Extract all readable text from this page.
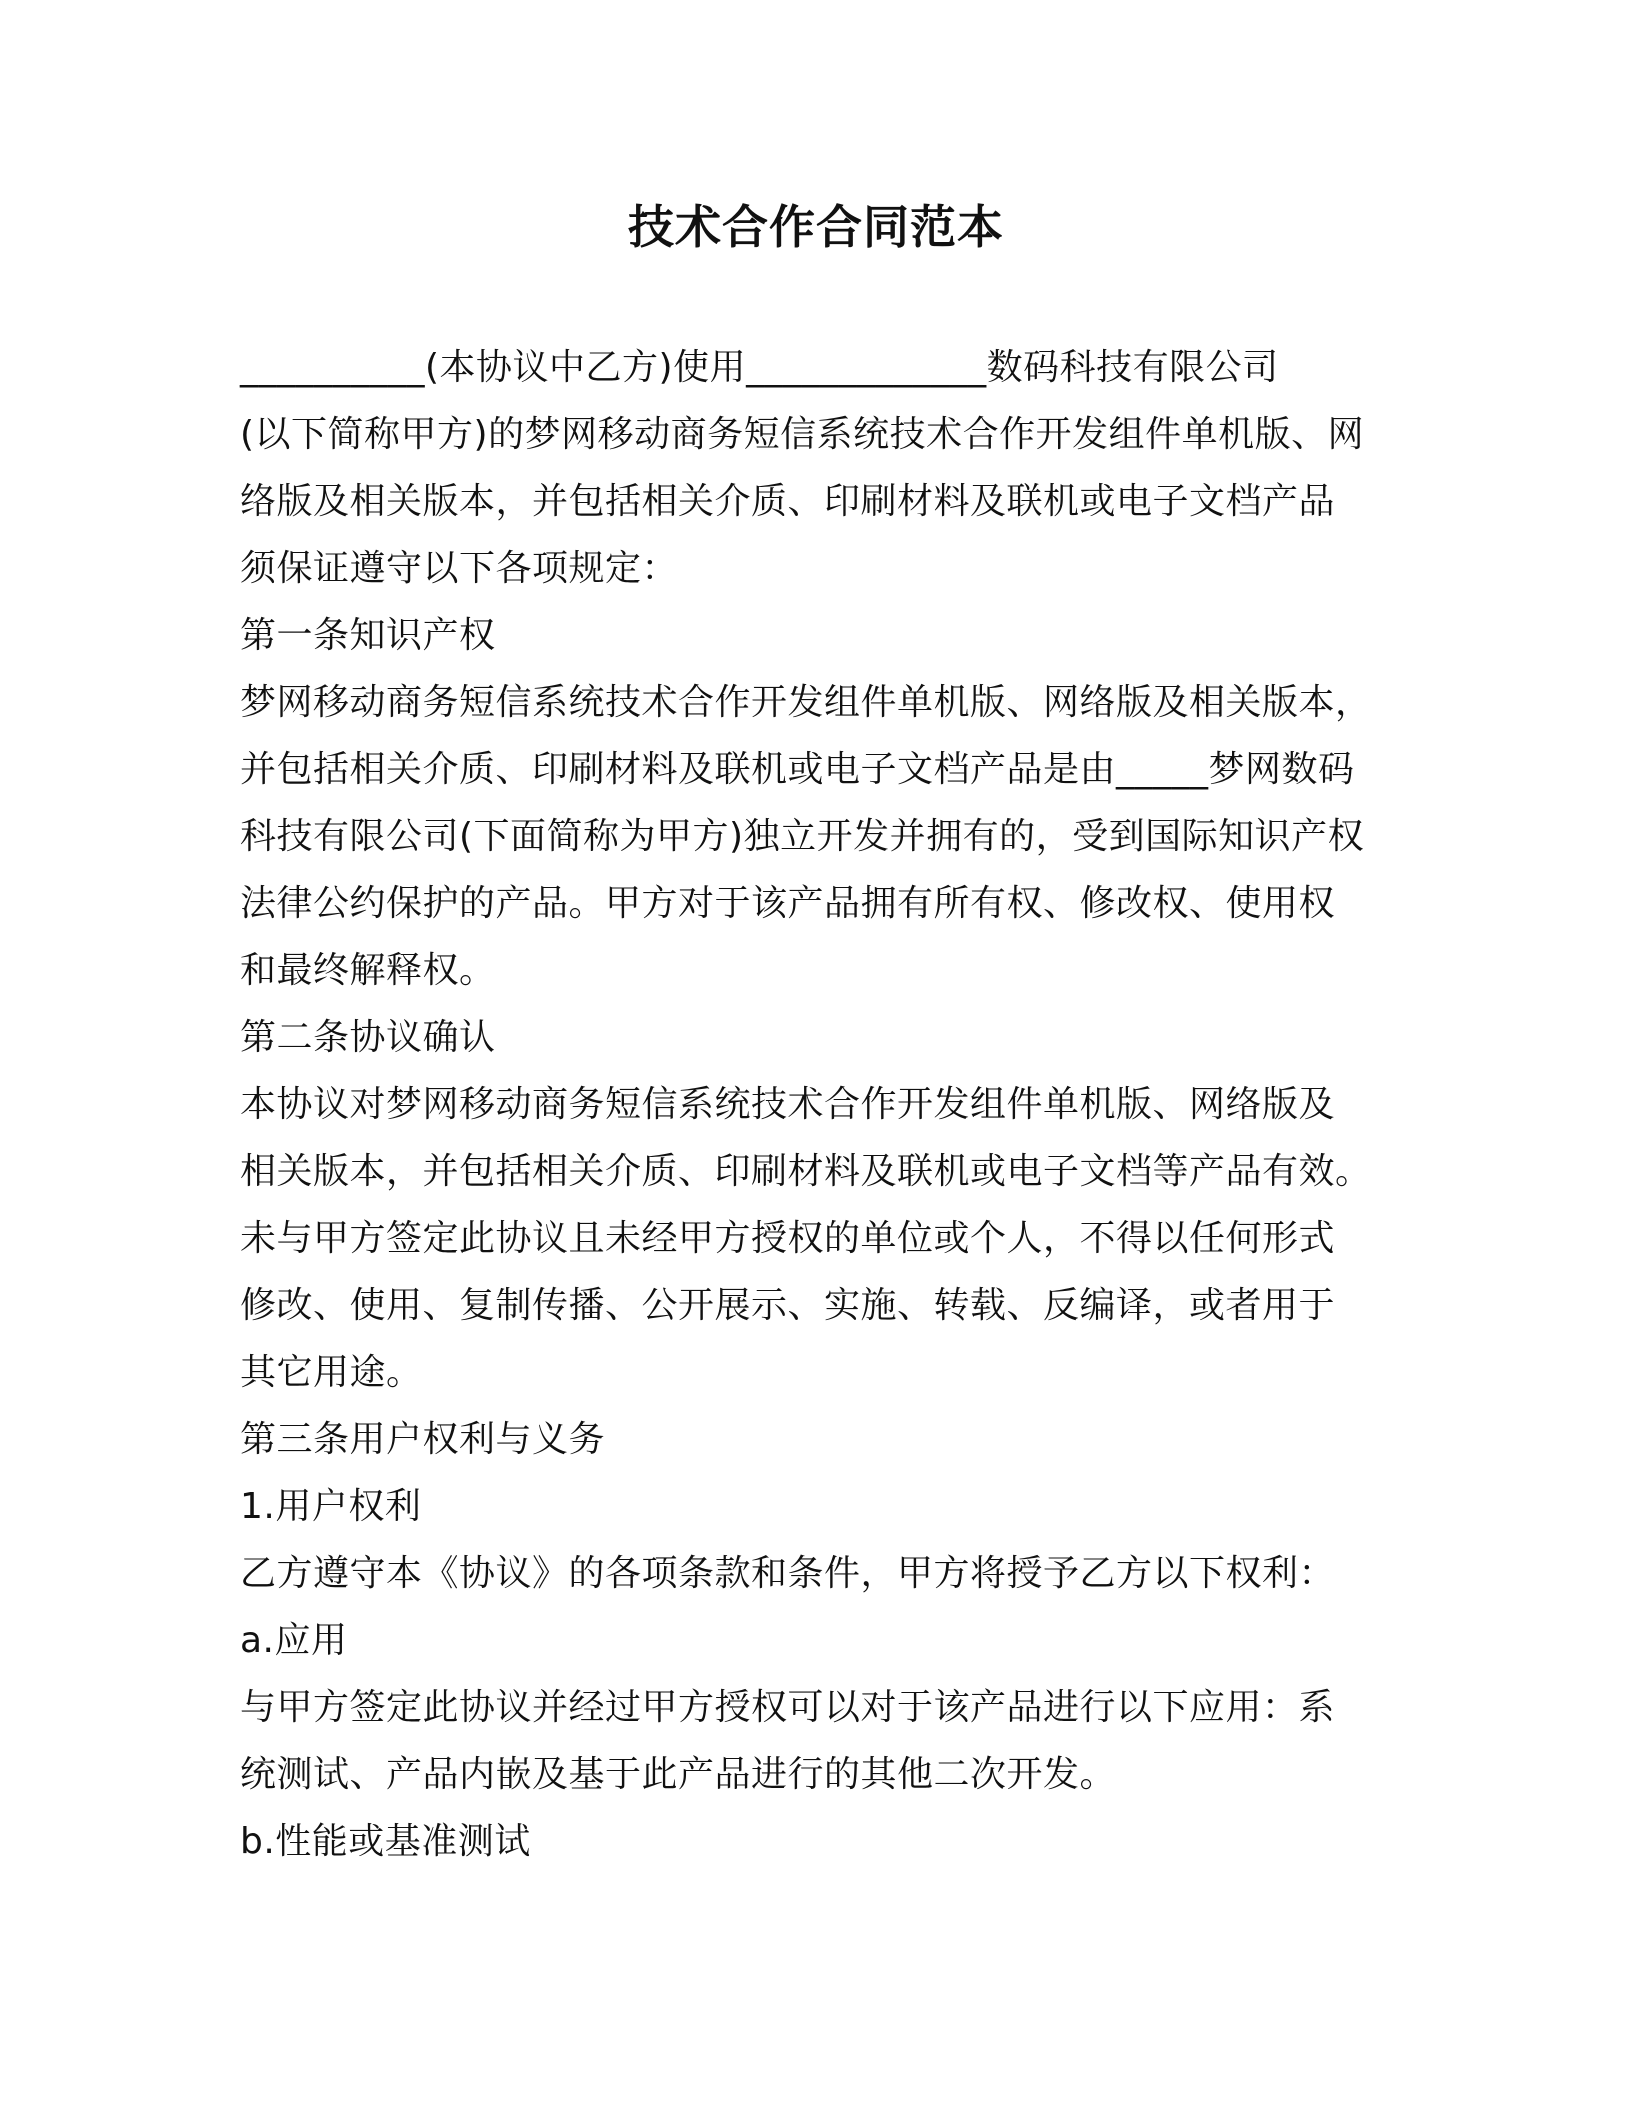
技术合作合同范本
__________(本协议中乙方)使用_____________数码科技有限公司
(以下简称甲方)的梦网移动商务短信系统技术合作开发组件单机版、网
络版及相关版本，并包括相关介质、印刷材料及联机或电子文档产品
须保证遵守以下各项规定：
第一条知识产权
梦网移动商务短信系统技术合作开发组件单机版、网络版及相关版本，
并包括相关介质、印刷材料及联机或电子文档产品是由_____梦网数码
科技有限公司(下面简称为甲方)独立开发并拥有的，受到国际知识产权
法律公约保护的产品。甲方对于该产品拥有所有权、修改权、使用权
和最终解释权。
第二条协议确认
本协议对梦网移动商务短信系统技术合作开发组件单机版、网络版及
相关版本，并包括相关介质、印刷材料及联机或电子文档等产品有效。
未与甲方签定此协议且未经甲方授权的单位或个人，不得以任何形式
修改、使用、复制传播、公开展示、实施、转载、反编译，或者用于
其它用途。
第三条用户权利与义务
1.用户权利
乙方遵守本《协议》的各项条款和条件，甲方将授予乙方以下权利：
a.应用
与甲方签定此协议并经过甲方授权可以对于该产品进行以下应用：系
统测试、产品内嵌及基于此产品进行的其他二次开发。
b.性能或基准测试
